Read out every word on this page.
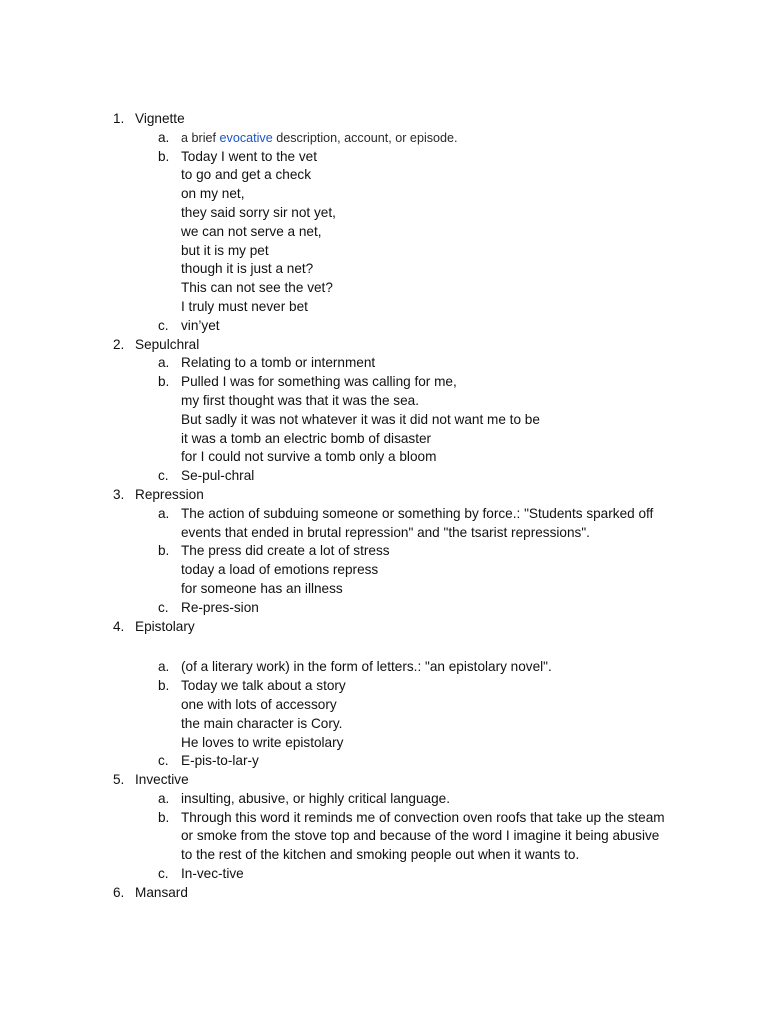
1. Vignette
a. a brief evocative description, account, or episode.
b. Today I went to the vet
to go and get a check
on my net,
they said sorry sir not yet,
we can not serve a net,
but it is my pet
though it is just a net?
This can not see the vet?
I truly must never bet
c. vin’yet
2. Sepulchral
a. Relating to a tomb or internment
b. Pulled I was for something was calling for me,
my first thought was that it was the sea.
But sadly it was not whatever it was it did not want me to be
it was a tomb an electric bomb of disaster
for I could not survive a tomb only a bloom
c. Se-pul-chral
3. Repression
a. The action of subduing someone or something by force.: "Students sparked off
events that ended in brutal repression" and "the tsarist repressions".
b. The press did create a lot of stress
today a load of emotions repress
for someone has an illness
c. Re-pres-sion
4. Epistolary
a. (of a literary work) in the form of letters.: "an epistolary novel".
b. Today we talk about a story
one with lots of accessory
the main character is Cory.
He loves to write epistolary
c. E-pis-to-lar-y
5. Invective
a. insulting, abusive, or highly critical language.
b. Through this word it reminds me of convection oven roofs that take up the steam
or smoke from the stove top and because of the word I imagine it being abusive
to the rest of the kitchen and smoking people out when it wants to.
c. In-vec-tive
6. Mansard
